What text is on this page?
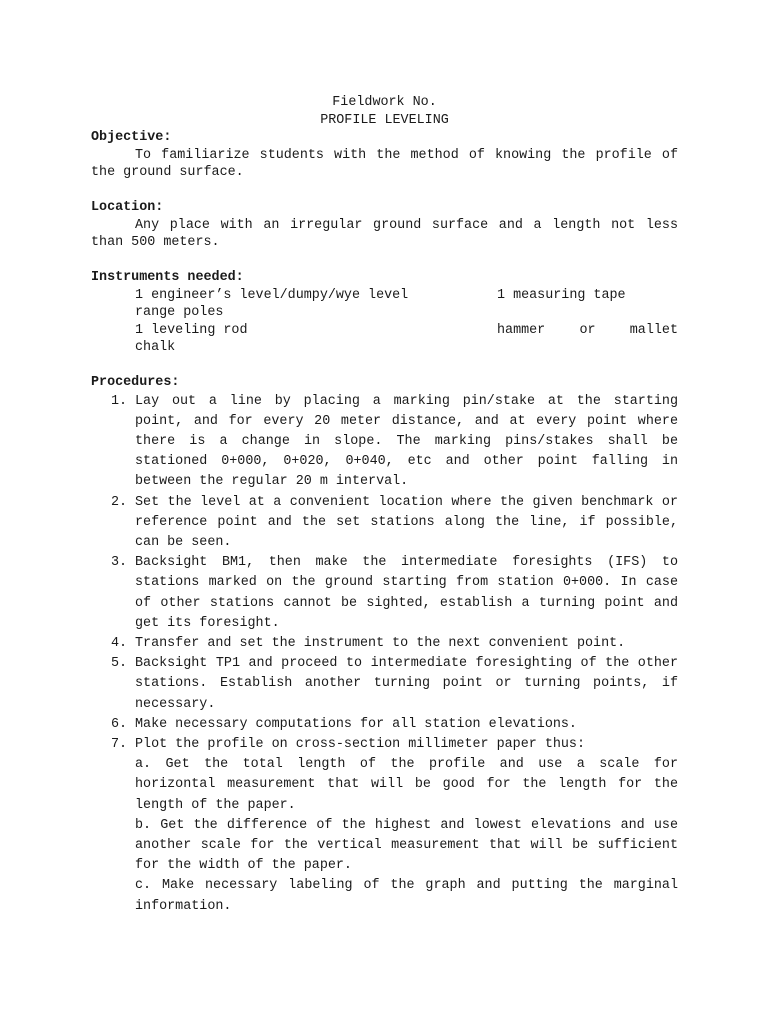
Fieldwork No.
PROFILE LEVELING
Objective:

To familiarize students with the method of knowing the profile of the ground surface.

Location:

Any place with an irregular ground surface and a length not less than 500 meters.

Instruments needed:
1 engineer’s level/dumpy/wye level	1 measuring tape
range poles
1 leveling rod	hammer	or	mallet
chalk
Procedures:
1. Lay out a line by placing a marking pin/stake at the starting point, and for every 20 meter distance, and at every point where there is a change in slope. The marking pins/stakes shall be stationed 0+000, 0+020, 0+040, etc and other point falling in between the regular 20 m interval.
2. Set the level at a convenient location where the given benchmark or reference point and the set stations along the line, if possible, can be seen.
3. Backsight BM1, then make the intermediate foresights (IFS) to stations marked on the ground starting from station 0+000. In case of other stations cannot be sighted, establish a turning point and get its foresight.
4. Transfer and set the instrument to the next convenient point.
5. Backsight TP1 and proceed to intermediate foresighting of the other stations. Establish another turning point or turning points, if necessary.
6. Make necessary computations for all station elevations.
7. Plot the profile on cross-section millimeter paper thus:
a. Get the total length of the profile and use a scale for horizontal measurement that will be good for the length for the length of the paper.
b. Get the difference of the highest and lowest elevations and use another scale for the vertical measurement that will be sufficient for the width of the paper.
c. Make necessary labeling of the graph and putting the marginal information.
